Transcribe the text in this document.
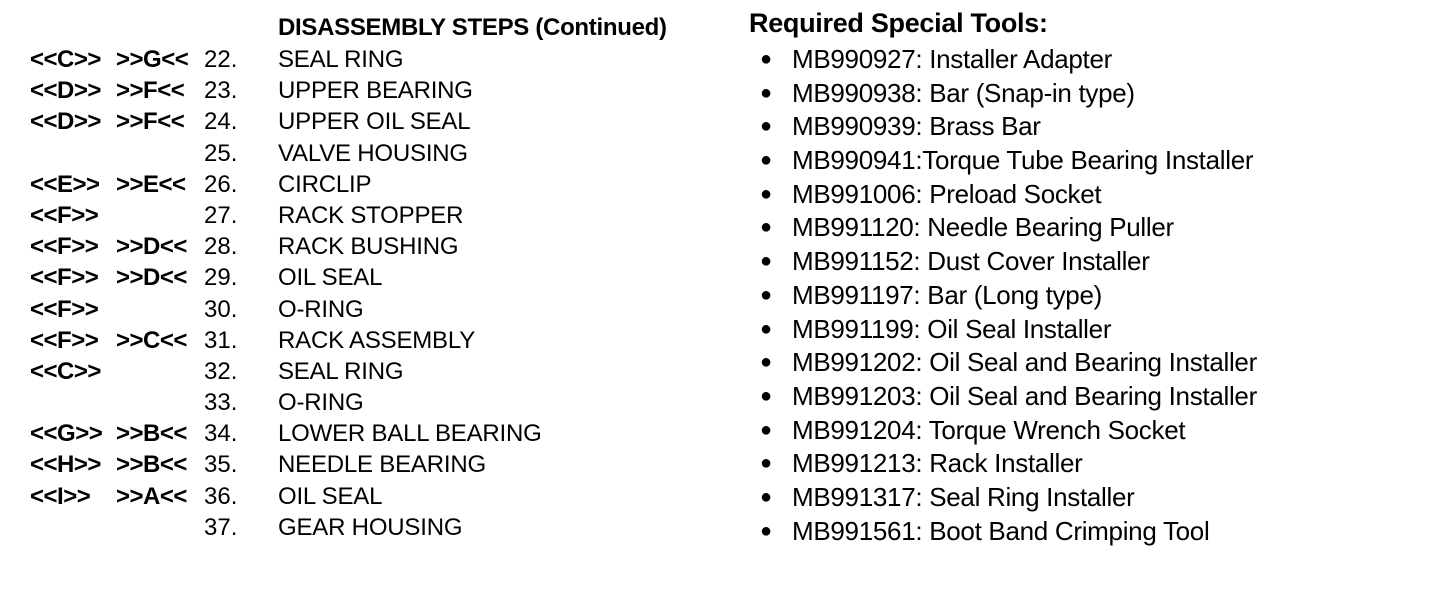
DISASSEMBLY STEPS (Continued)
<<C>> >>G<< 22. SEAL RING
<<D>> >>F<< 23. UPPER BEARING
<<D>> >>F<< 24. UPPER OIL SEAL
25. VALVE HOUSING
<<E>> >>E<< 26. CIRCLIP
<<F>>	27. RACK STOPPER
<<F>> >>D<< 28. RACK BUSHING
<<F>> >>D<< 29. OIL SEAL
<<F>>	30. O-RING
<<F>> >>C<< 31. RACK ASSEMBLY
<<C>>	32. SEAL RING
33. O-RING
<<G>> >>B<< 34. LOWER BALL BEARING
<<H>> >>B<< 35. NEEDLE BEARING
<<I>> >>A<< 36. OIL SEAL
37. GEAR HOUSING
Required Special Tools:
● MB990927: Installer Adapter
● MB990938: Bar (Snap-in type)
● MB990939: Brass Bar
● MB990941:Torque Tube Bearing Installer
● MB991006: Preload Socket
● MB991120: Needle Bearing Puller
● MB991152: Dust Cover Installer
● MB991197: Bar (Long type)
● MB991199: Oil Seal Installer
● MB991202: Oil Seal and Bearing Installer
● MB991203: Oil Seal and Bearing Installer
● MB991204: Torque Wrench Socket
● MB991213: Rack Installer
● MB991317: Seal Ring Installer
● MB991561: Boot Band Crimping Tool
